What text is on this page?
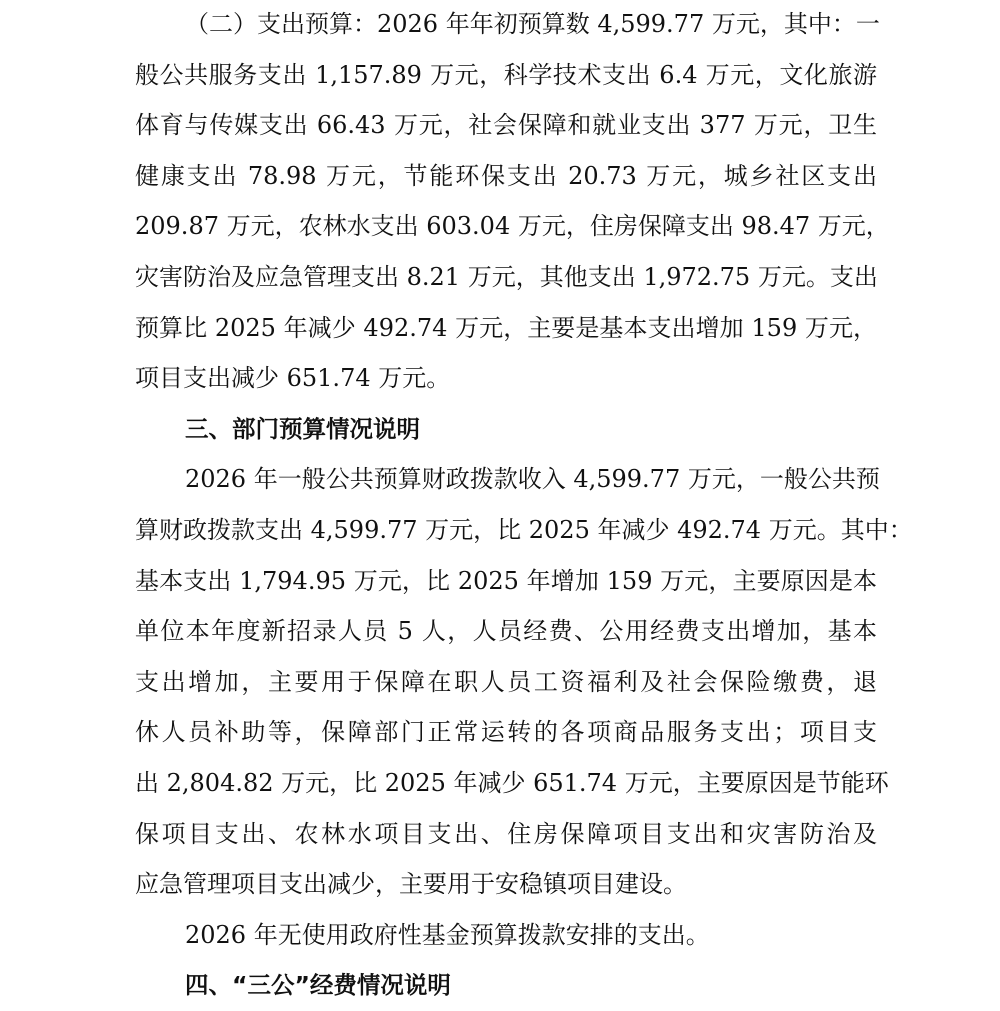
（二）支出预算：2026 年年初预算数 4,599.77 万元，其中：一
般公共服务支出 1,157.89 万元，科学技术支出 6.4 万元，文化旅游
体育与传媒支出 66.43 万元，社会保障和就业支出 377 万元，卫生
健康支出 78.98 万元，节能环保支出 20.73 万元，城乡社区支出
209.87 万元，农林水支出 603.04 万元，住房保障支出 98.47 万元，
灾害防治及应急管理支出 8.21 万元，其他支出 1,972.75 万元。支出
预算比 2025 年减少 492.74 万元，主要是基本支出增加 159 万元，
项目支出减少 651.74 万元。
三、部门预算情况说明
2026 年一般公共预算财政拨款收入 4,599.77 万元，一般公共预
算财政拨款支出 4,599.77 万元，比 2025 年减少 492.74 万元。其中：
基本支出 1,794.95 万元，比 2025 年增加 159 万元，主要原因是本
单位本年度新招录人员 5 人，人员经费、公用经费支出增加，基本
支出增加，主要用于保障在职人员工资福利及社会保险缴费，退
休人员补助等，保障部门正常运转的各项商品服务支出；项目支
出 2,804.82 万元，比 2025 年减少 651.74 万元，主要原因是节能环
保项目支出、农林水项目支出、住房保障项目支出和灾害防治及
应急管理项目支出减少，主要用于安稳镇项目建设。
2026 年无使用政府性基金预算拨款安排的支出。
四、“三公”经费情况说明
